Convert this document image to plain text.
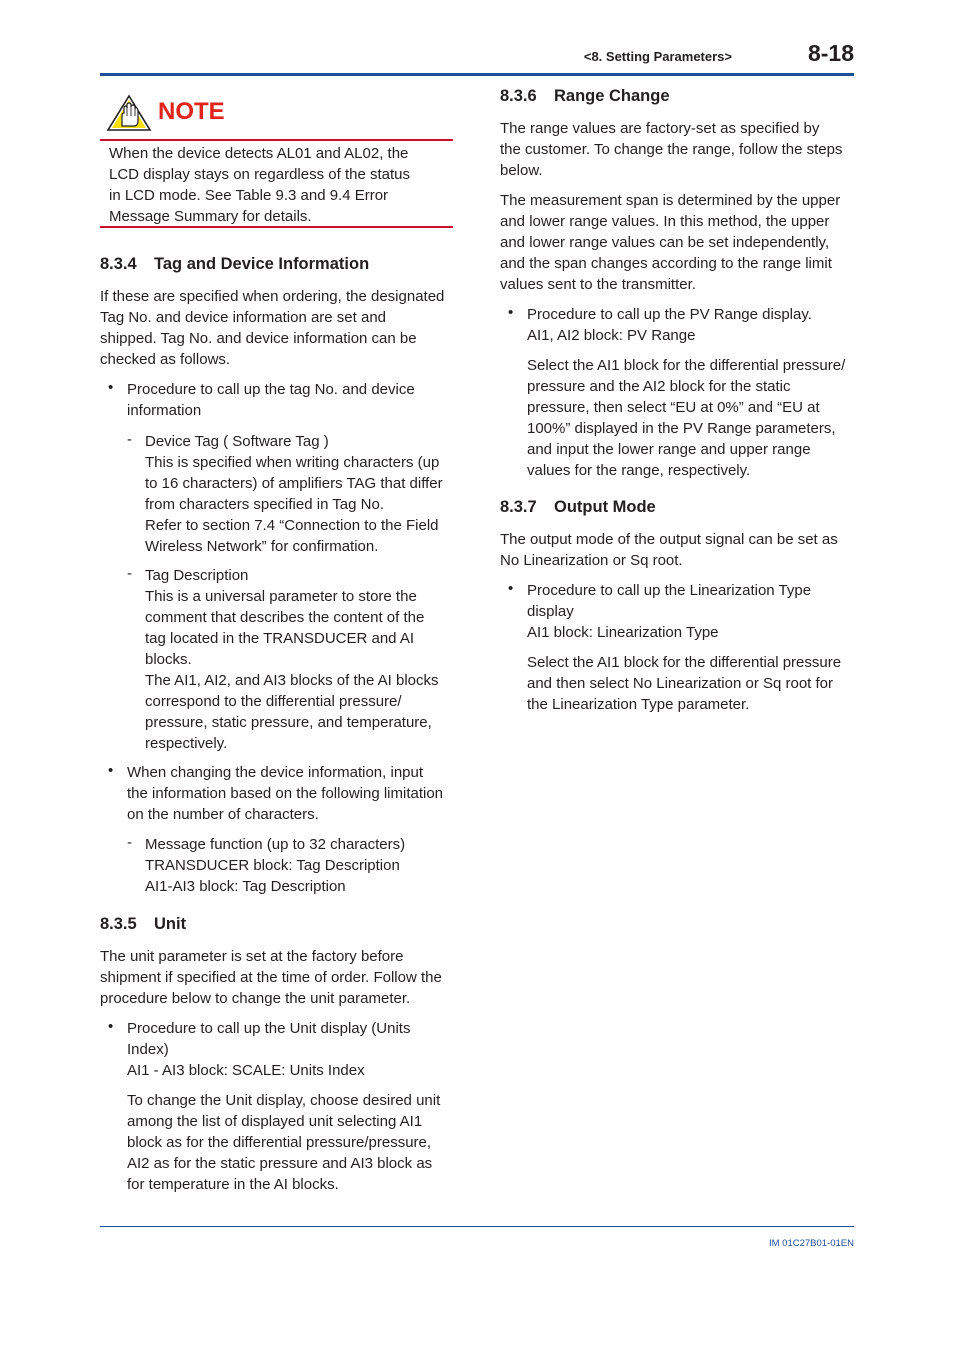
<8. Setting Parameters>	8-18
IM 01C27B01-01EN
NOTE
When the device detects AL01 and AL02, the
LCD display stays on regardless of the status
in LCD mode. See Table 9.3 and 9.4 Error
Message Summary for details.
8.3.4 Tag and Device Information
If these are specified when ordering, the designated
Tag No. and device information are set and
shipped. Tag No. and device information can be
checked as follows.
• Procedure to call up the tag No. and device
information
- Device Tag ( Software Tag )
This is specified when writing characters (up
to 16 characters) of amplifiers TAG that differ
from characters specified in Tag No.
Refer to section 7.4 “Connection to the Field
Wireless Network” for confirmation.
- Tag Description
This is a universal parameter to store the
comment that describes the content of the
tag located in the TRANSDUCER and AI
blocks.
The AI1, AI2, and AI3 blocks of the AI blocks
correspond to the differential pressure/
pressure, static pressure, and temperature,
respectively.
• When changing the device information, input
the information based on the following limitation
on the number of characters.
- Message function (up to 32 characters)
TRANSDUCER block: Tag Description
AI1-AI3 block: Tag Description
8.3.5 Unit
The unit parameter is set at the factory before
shipment if specified at the time of order. Follow the
procedure below to change the unit parameter.
• Procedure to call up the Unit display (Units
Index)
AI1 - AI3 block: SCALE: Units Index
To change the Unit display, choose desired unit
among the list of displayed unit selecting AI1
block as for the differential pressure/pressure,
AI2 as for the static pressure and AI3 block as
for temperature in the AI blocks.
8.3.6 Range Change
The range values are factory-set as specified by
the customer. To change the range, follow the steps
below.
The measurement span is determined by the upper
and lower range values. In this method, the upper
and lower range values can be set independently,
and the span changes according to the range limit
values sent to the transmitter.
• Procedure to call up the PV Range display.
AI1, AI2 block: PV Range
Select the AI1 block for the differential pressure/
pressure and the AI2 block for the static
pressure, then select “EU at 0%” and “EU at
100%” displayed in the PV Range parameters,
and input the lower range and upper range
values for the range, respectively.
8.3.7 Output Mode
The output mode of the output signal can be set as
No Linearization or Sq root.
• Procedure to call up the Linearization Type
display
AI1 block: Linearization Type
Select the AI1 block for the differential pressure
and then select No Linearization or Sq root for
the Linearization Type parameter.
